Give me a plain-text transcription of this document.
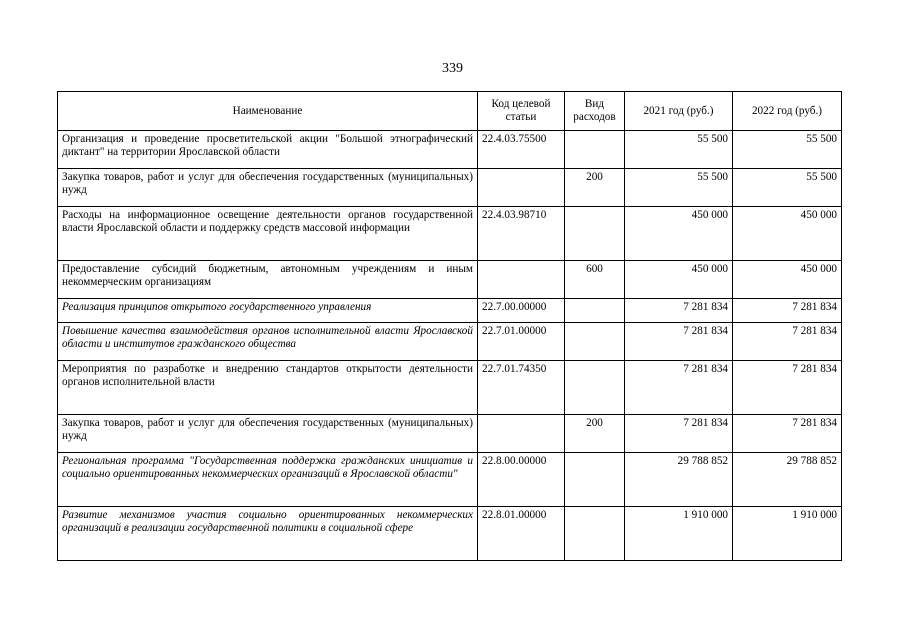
339
Наименование	Код целевой статьи	Вид расходов	2021 год (руб.)	2022 год (руб.)
Организация и проведение просветительской акции "Большой этнографический диктант" на территории Ярославской области	22.4.03.75500		55 500	55 500
Закупка товаров, работ и услуг для обеспечения государственных (муниципальных) нужд		200	55 500	55 500
Расходы на информационное освещение деятельности органов государственной власти Ярославской области и поддержку средств массовой информации	22.4.03.98710		450 000	450 000
Предоставление субсидий бюджетным, автономным учреждениям и иным некоммерческим организациям		600	450 000	450 000
Реализация принципов открытого государственного управления	22.7.00.00000		7 281 834	7 281 834
Повышение качества взаимодействия органов исполнительной власти Ярославской области и институтов гражданского общества	22.7.01.00000		7 281 834	7 281 834
Мероприятия по разработке и внедрению стандартов открытости деятельности органов исполнительной власти	22.7.01.74350		7 281 834	7 281 834
Закупка товаров, работ и услуг для обеспечения государственных (муниципальных) нужд		200	7 281 834	7 281 834
Региональная программа "Государственная поддержка гражданских инициатив и социально ориентированных некоммерческих организаций в Ярославской области"	22.8.00.00000		29 788 852	29 788 852
Развитие механизмов участия социально ориентированных некоммерческих организаций в реализации государственной политики в социальной сфере	22.8.01.00000		1 910 000	1 910 000
